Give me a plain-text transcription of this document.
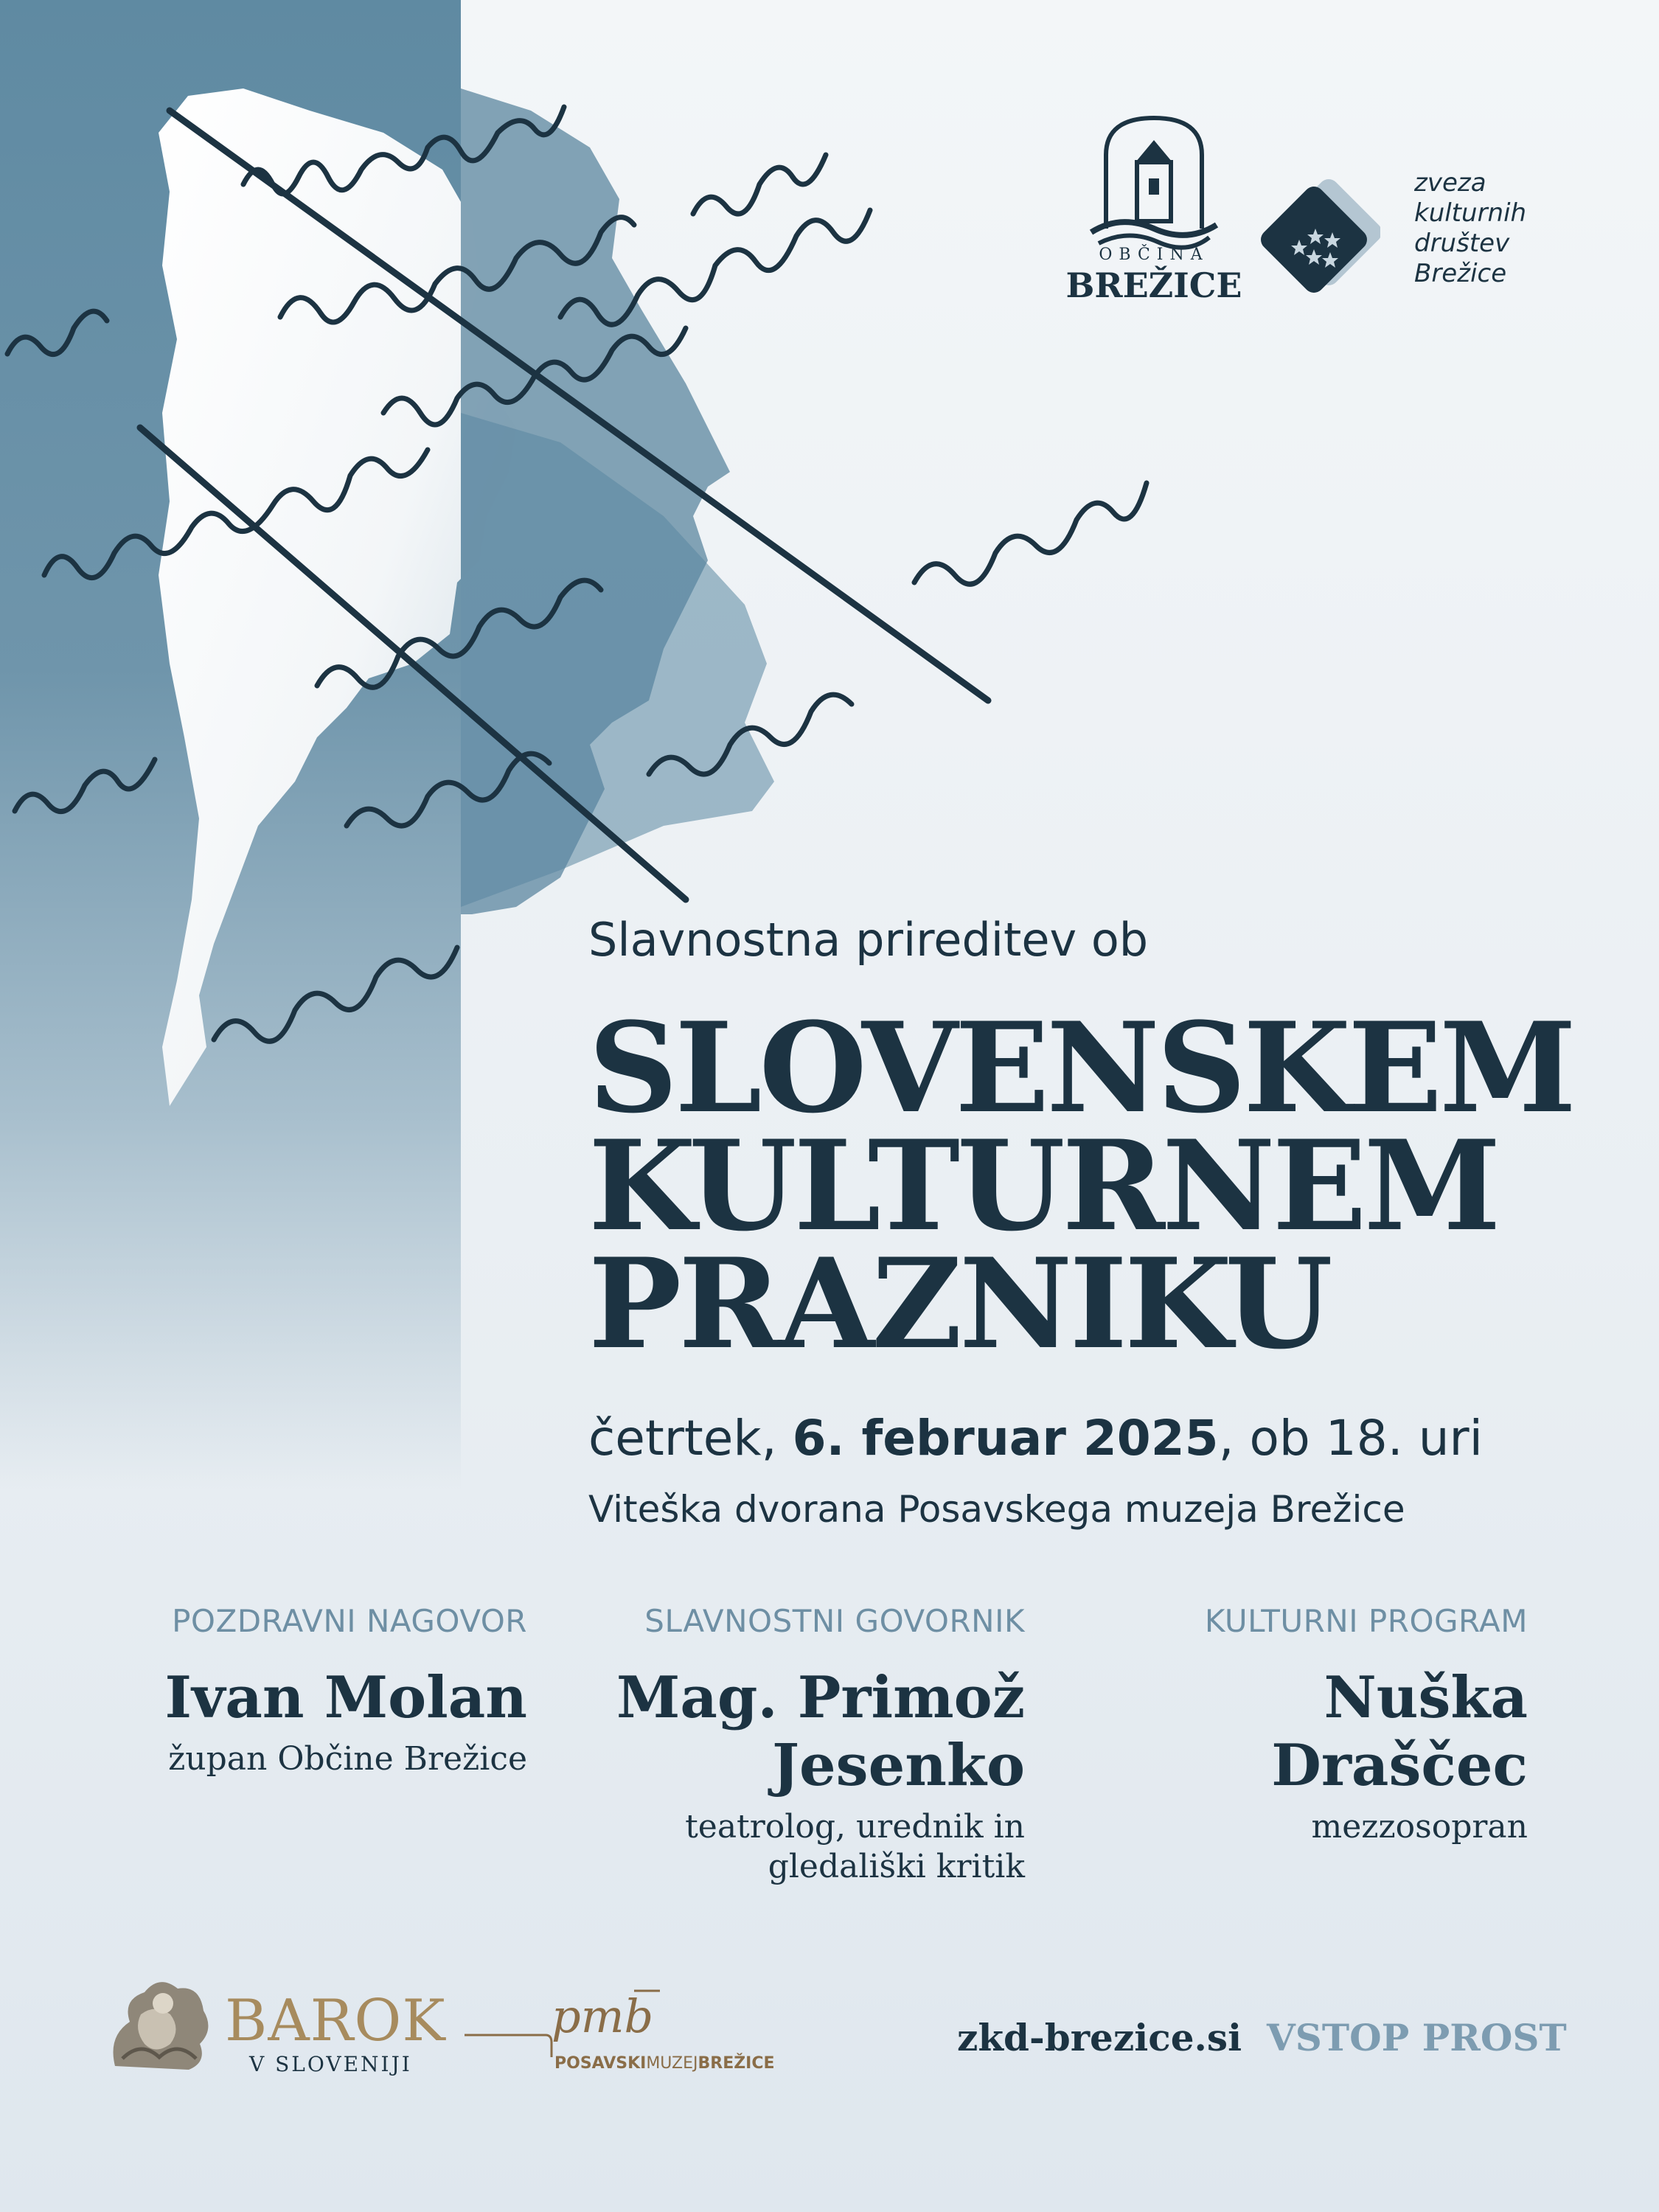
OBČINA
BREŽICE
zveza
kulturnih
društev
Brežice
Slavnostna prireditev ob
SLOVENSKEM
KULTURNEM
PRAZNIKU
četrtek, 6. februar 2025, ob 18. uri
Viteška dvorana Posavskega muzeja Brežice
POZDRAVNI NAGOVOR
Ivan Molan
župan Občine Brežice
SLAVNOSTNI GOVORNIK
Mag. Primož Jesenko
teatrolog, urednik in gledališki kritik
KULTURNI PROGRAM
Nuška Draščec
mezzosopran
BAROK
V SLOVENIJI
pmb
POSAVSKIMUZEJBREŽICE
zkd-brezice.si VSTOP PROST
